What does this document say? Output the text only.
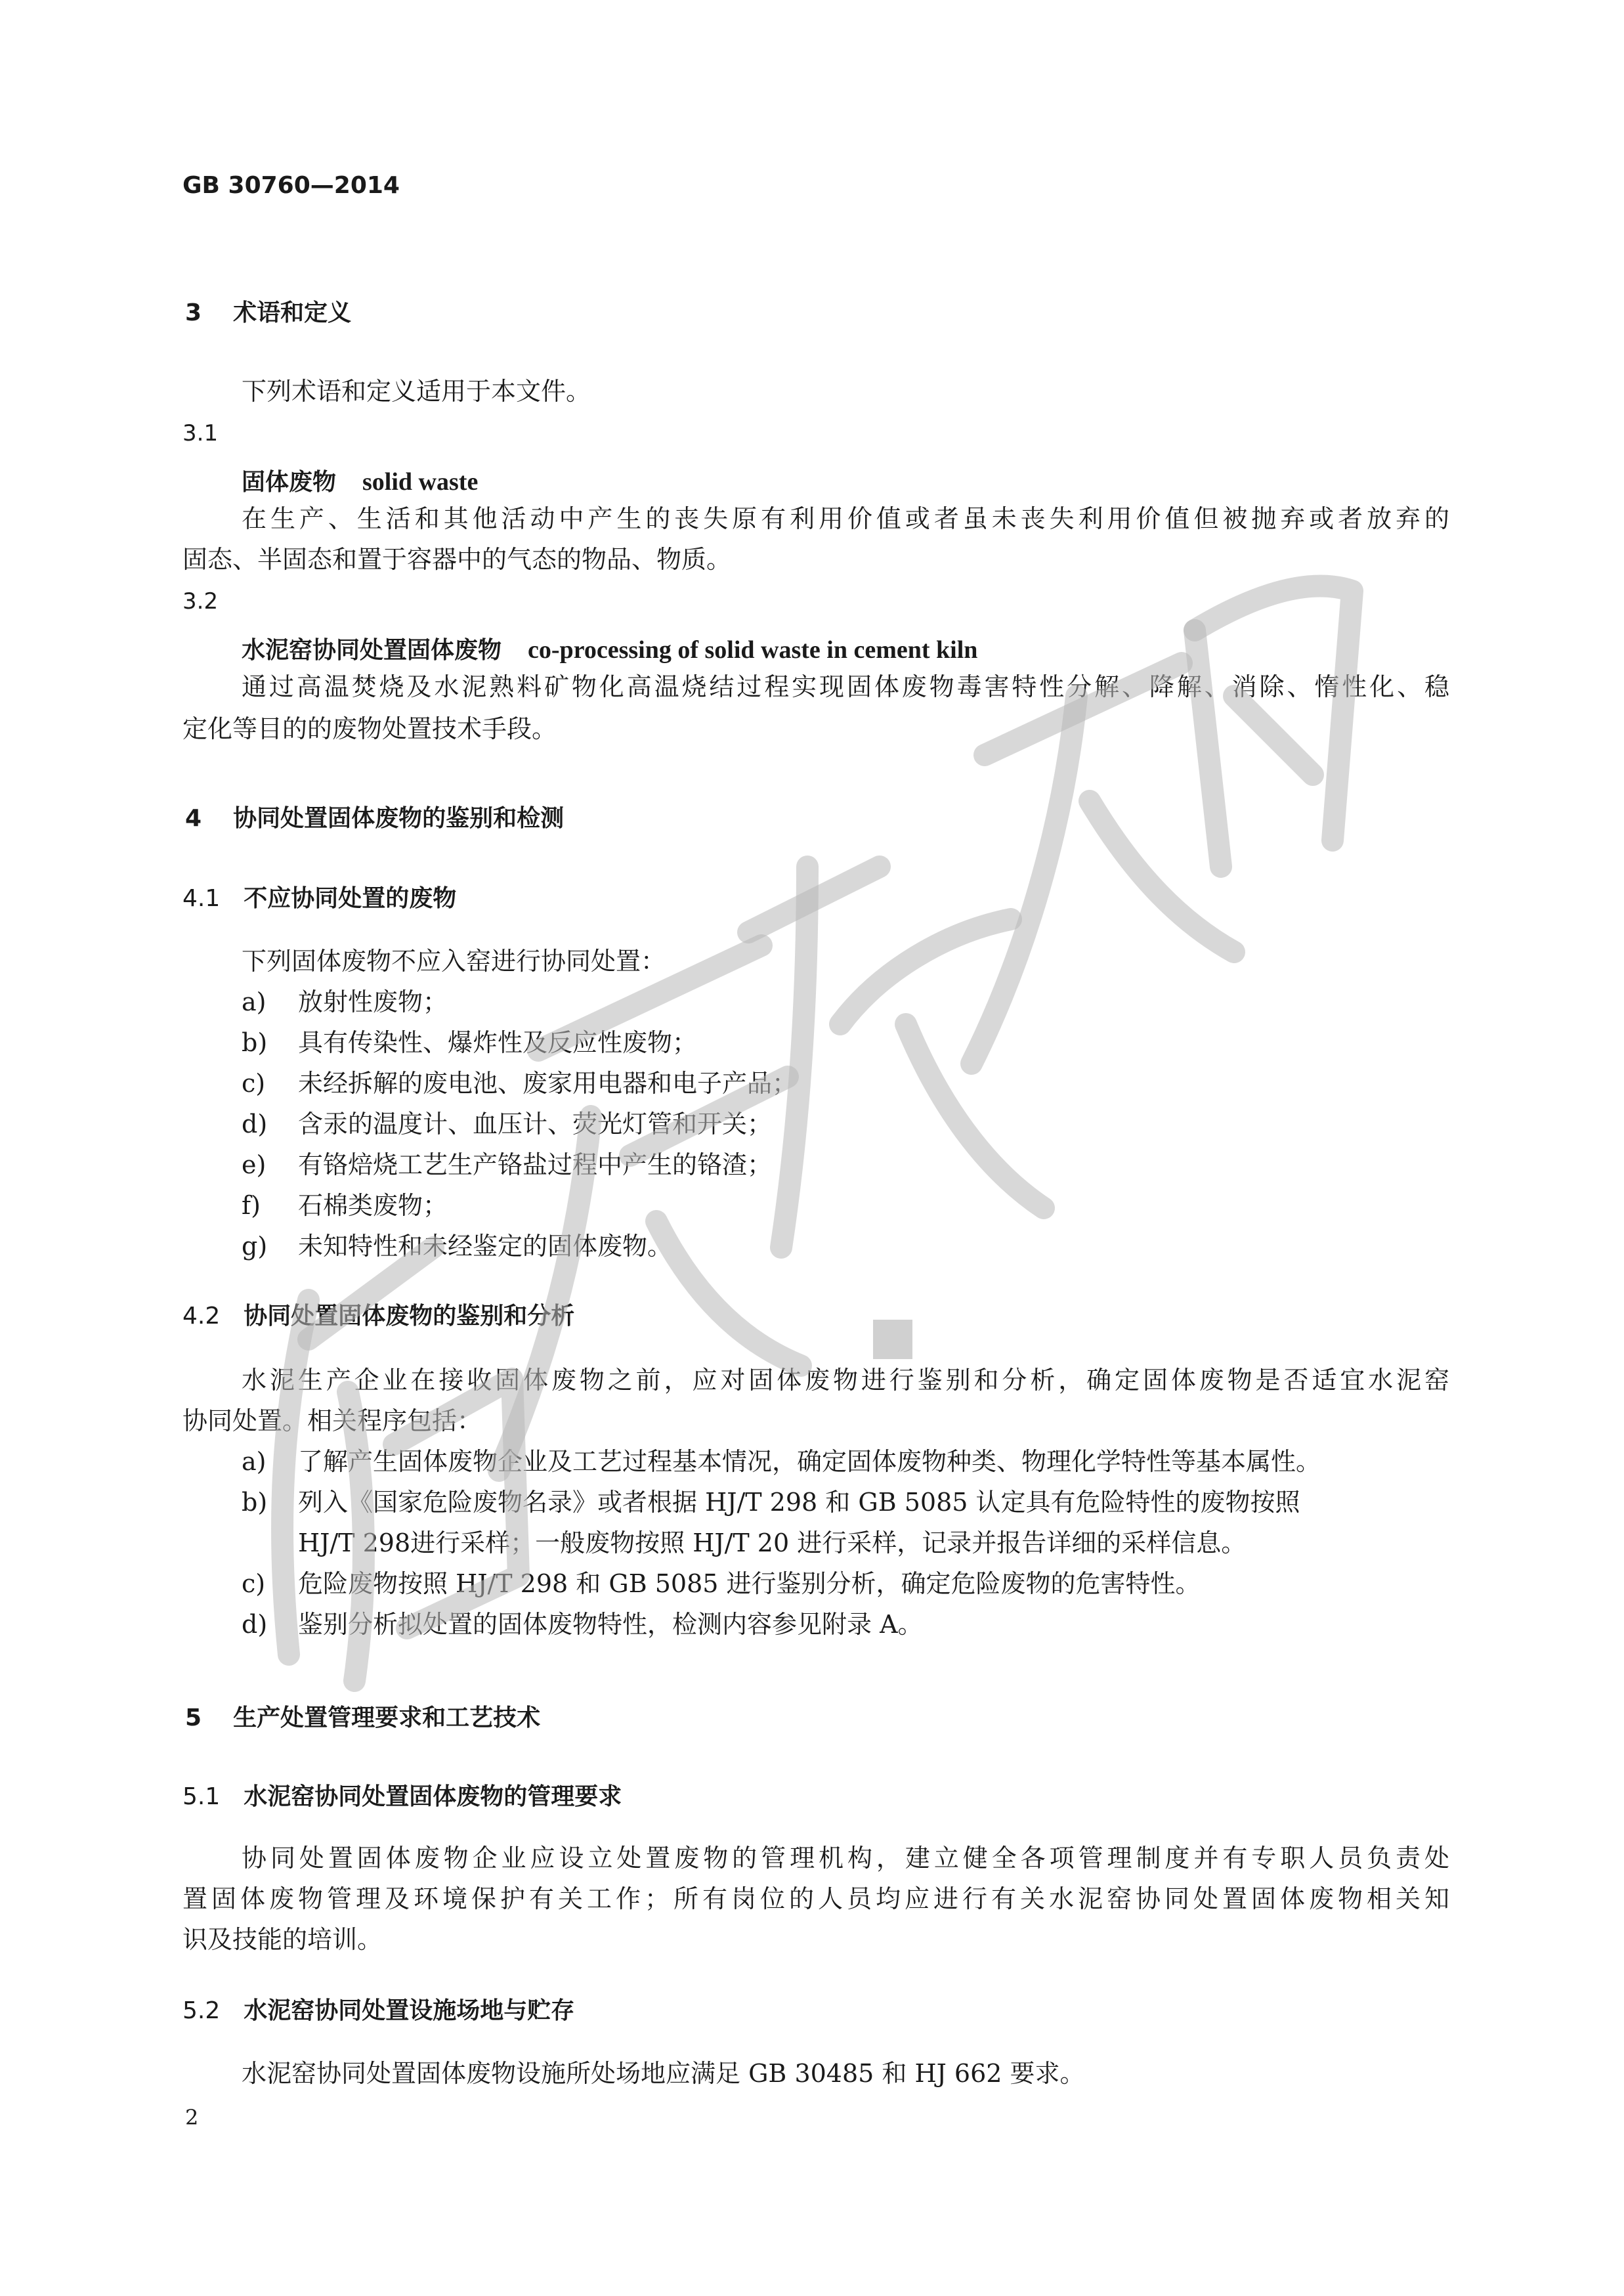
GB 30760—2014
3 术语和定义
下列术语和定义适用于本文件。
3.1
固体废物 solid waste
在生产、生活和其他活动中产生的丧失原有利用价值或者虽未丧失利用价值但被抛弃或者放弃的
固态、半固态和置于容器中的气态的物品、物质。
3.2
水泥窑协同处置固体废物 co-processing of solid waste in cement kiln
通过高温焚烧及水泥熟料矿物化高温烧结过程实现固体废物毒害特性分解、降解、消除、惰性化、稳
定化等目的的废物处置技术手段。
4 协同处置固体废物的鉴别和检测
4.1 不应协同处置的废物
下列固体废物不应入窑进行协同处置：
a) 放射性废物；
b) 具有传染性、爆炸性及反应性废物；
c) 未经拆解的废电池、废家用电器和电子产品；
d) 含汞的温度计、血压计、荧光灯管和开关；
e) 有铬焙烧工艺生产铬盐过程中产生的铬渣；
f) 石棉类废物；
g) 未知特性和未经鉴定的固体废物。
4.2 协同处置固体废物的鉴别和分析
水泥生产企业在接收固体废物之前，应对固体废物进行鉴别和分析，确定固体废物是否适宜水泥窑
协同处置。相关程序包括：
a) 了解产生固体废物企业及工艺过程基本情况，确定固体废物种类、物理化学特性等基本属性。
b) 列入《国家危险废物名录》或者根据 HJ/T 298 和 GB 5085 认定具有危险特性的废物按照
HJ/T 298进行采样；一般废物按照 HJ/T 20 进行采样，记录并报告详细的采样信息。
c) 危险废物按照 HJ/T 298 和 GB 5085 进行鉴别分析，确定危险废物的危害特性。
d) 鉴别分析拟处置的固体废物特性，检测内容参见附录 A。
5 生产处置管理要求和工艺技术
5.1 水泥窑协同处置固体废物的管理要求
协同处置固体废物企业应设立处置废物的管理机构，建立健全各项管理制度并有专职人员负责处
置固体废物管理及环境保护有关工作；所有岗位的人员均应进行有关水泥窑协同处置固体废物相关知
识及技能的培训。
5.2 水泥窑协同处置设施场地与贮存
水泥窑协同处置固体废物设施所处场地应满足 GB 30485 和 HJ 662 要求。
2
